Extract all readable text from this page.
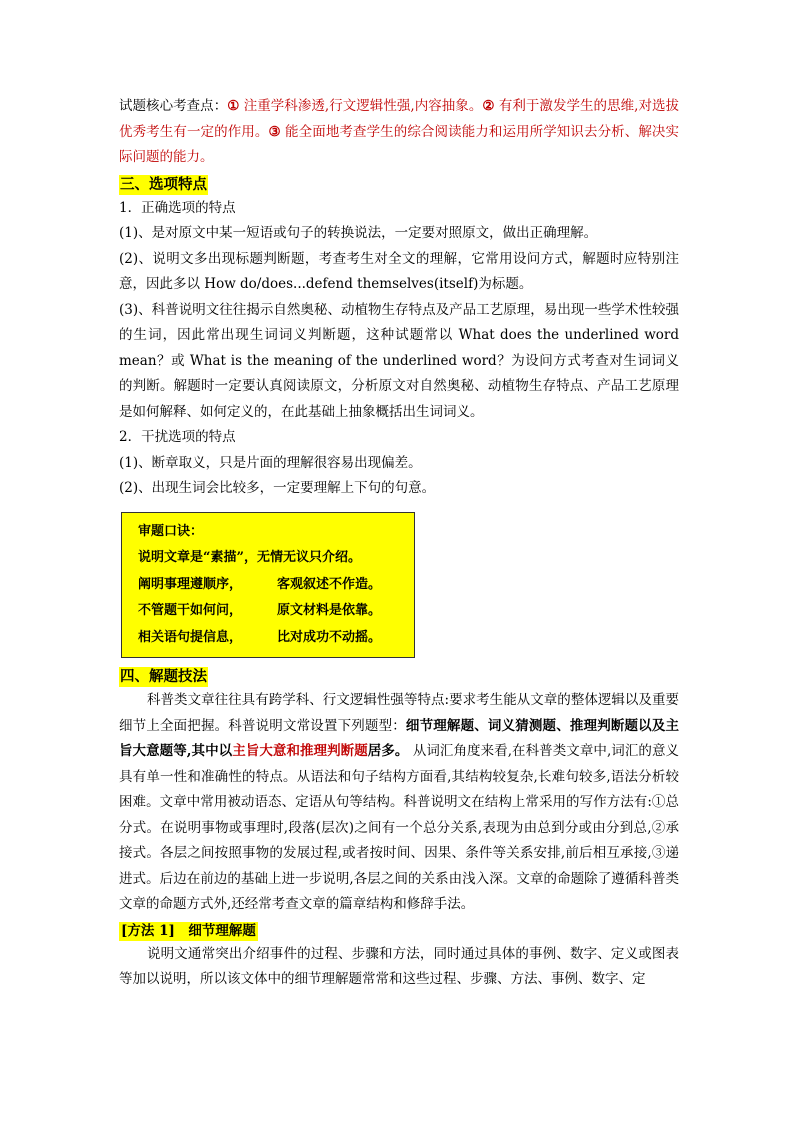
试题核心考查点：① 注重学科渗透,行文逻辑性强,内容抽象。② 有利于激发学生的思维,对选拔优秀考生有一定的作用。③ 能全面地考查学生的综合阅读能力和运用所学知识去分析、解决实际问题的能力。

三、选项特点

1．正确选项的特点

(1)、是对原文中某一短语或句子的转换说法，一定要对照原文，做出正确理解。

(2)、说明文多出现标题判断题，考查考生对全文的理解，它常用设问方式，解题时应特别注意，因此多以 How do/does...defend themselves(itself)为标题。

(3)、科普说明文往往揭示自然奥秘、动植物生存特点及产品工艺原理，易出现一些学术性较强的生词，因此常出现生词词义判断题，这种试题常以 What does the underlined word mean？或 What is the meaning of the underlined word？为设问方式考查对生词词义的判断。解题时一定要认真阅读原文，分析原文对自然奥秘、动植物生存特点、产品工艺原理是如何解释、如何定义的，在此基础上抽象概括出生词词义。

2．干扰选项的特点

(1)、断章取义，只是片面的理解很容易出现偏差。

(2)、出现生词会比较多，一定要理解上下句的句意。

审题口诀：
说明文章是“素描”，无情无议只介绍。
阐明事理遵顺序，	客观叙述不作造。
不管题干如何问，	原文材料是依靠。
相关语句提信息，	比对成功不动摇。
四、解题技法

科普类文章往往具有跨学科、行文逻辑性强等特点:要求考生能从文章的整体逻辑以及重要细节上全面把握。科普说明文常设置下列题型：细节理解题、词义猜测题、推理判断题以及主旨大意题等,其中以主旨大意和推理判断题居多。 从词汇角度来看,在科普类文章中,词汇的意义具有单一性和准确性的特点。从语法和句子结构方面看,其结构较复杂,长难句较多,语法分析较困难。文章中常用被动语态、定语从句等结构。科普说明文在结构上常采用的写作方法有:①总分式。在说明事物或事理时,段落(层次)之间有一个总分关系,表现为由总到分或由分到总,②承接式。各层之间按照事物的发展过程,或者按时间、因果、条件等关系安排,前后相互承接,③递进式。后边在前边的基础上进一步说明,各层之间的关系由浅入深。文章的命题除了遵循科普类文章的命题方式外,还经常考查文章的篇章结构和修辞手法。

[方法 1]　细节理解题

说明文通常突出介绍事件的过程、步骤和方法，同时通过具体的事例、数字、定义或图表等加以说明，所以该文体中的细节理解题常常和这些过程、步骤、方法、事例、数字、定
